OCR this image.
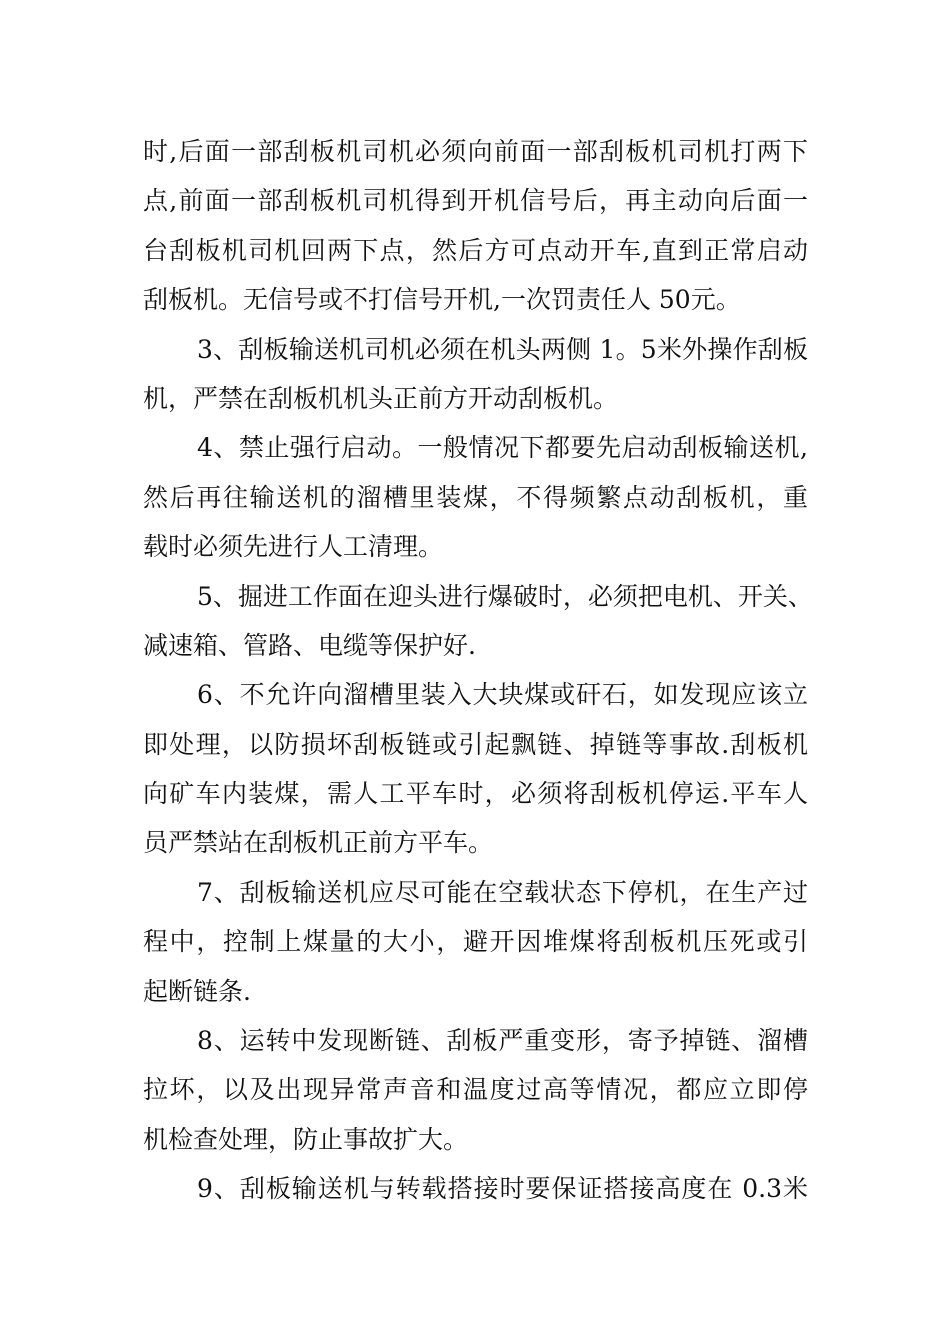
时,后面一部刮板机司机必须向前面一部刮板机司机打两下
点,前面一部刮板机司机得到开机信号后，再主动向后面一
台刮板机司机回两下点，然后方可点动开车,直到正常启动
刮板机。无信号或不打信号开机,一次罚责任人 50元。
3、刮板输送机司机必须在机头两侧 1。5米外操作刮板
机，严禁在刮板机机头正前方开动刮板机。
4、禁止强行启动。一般情况下都要先启动刮板输送机,
然后再往输送机的溜槽里装煤，不得频繁点动刮板机，重
载时必须先进行人工清理。
5、掘进工作面在迎头进行爆破时，必须把电机、开关、
减速箱、管路、电缆等保护好.
6、不允许向溜槽里装入大块煤或矸石，如发现应该立
即处理，以防损坏刮板链或引起飘链、掉链等事故.刮板机
向矿车内装煤，需人工平车时，必须将刮板机停运.平车人
员严禁站在刮板机正前方平车。
7、刮板输送机应尽可能在空载状态下停机，在生产过
程中，控制上煤量的大小，避开因堆煤将刮板机压死或引
起断链条.
8、运转中发现断链、刮板严重变形，寄予掉链、溜槽
拉坏，以及出现异常声音和温度过高等情况，都应立即停
机检查处理，防止事故扩大。
9、刮板输送机与转载搭接时要保证搭接高度在 0.3米
